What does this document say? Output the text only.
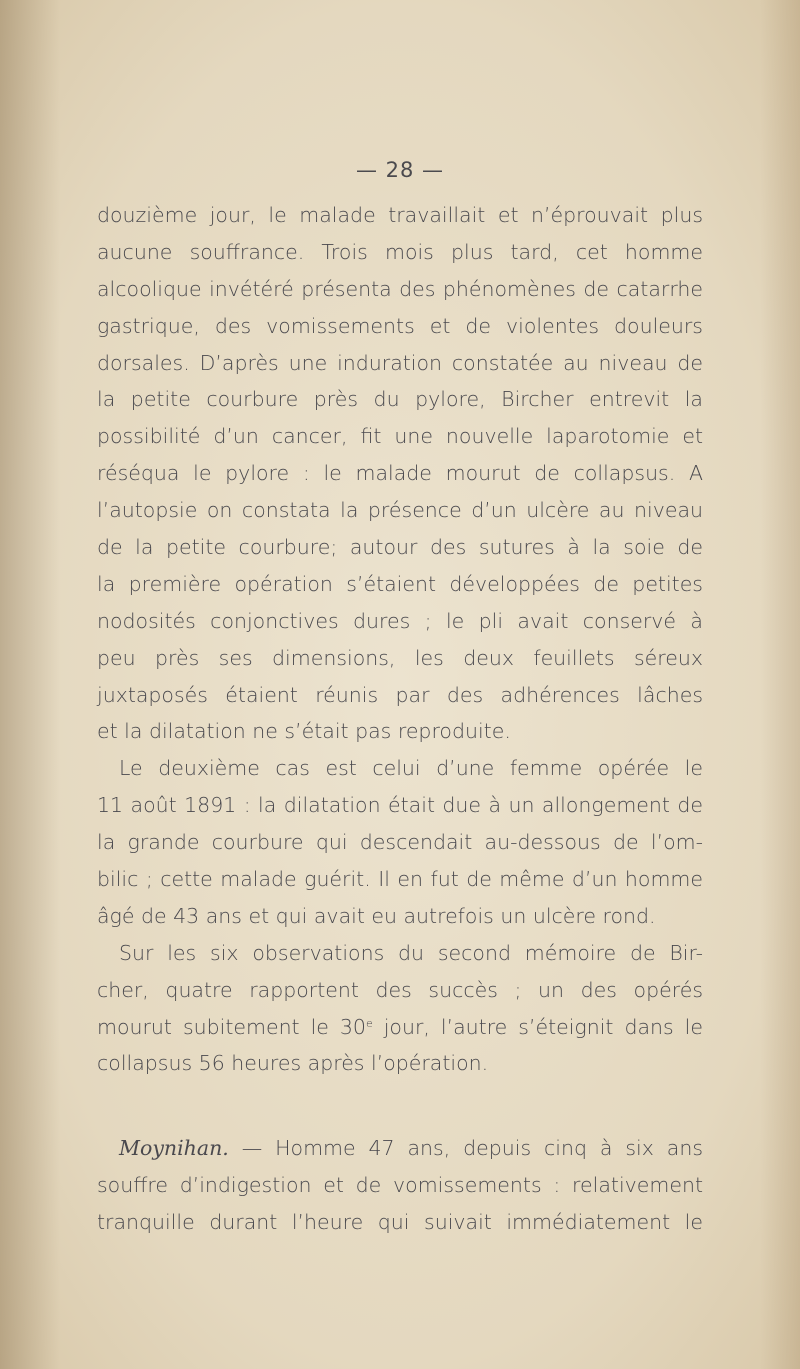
— 28 —
douzième jour, le malade travaillait et n’éprouvait plus
aucune souffrance. Trois mois plus tard, cet homme
alcoolique invétéré présenta des phénomènes de catarrhe
gastrique, des vomissements et de violentes douleurs
dorsales. D’après une induration constatée au niveau de
la petite courbure près du pylore, Bircher entrevit la
possibilité d’un cancer, fit une nouvelle laparotomie et
réséqua le pylore : le malade mourut de collapsus. A
l’autopsie on constata la présence d’un ulcère au niveau
de la petite courbure; autour des sutures à la soie de
la première opération s’étaient développées de petites
nodosités conjonctives dures ; le pli avait conservé à
peu près ses dimensions, les deux feuillets séreux
juxtaposés étaient réunis par des adhérences lâches
et la dilatation ne s’était pas reproduite.
Le deuxième cas est celui d’une femme opérée le
11 août 1891 : la dilatation était due à un allongement de
la grande courbure qui descendait au-dessous de l’om-
bilic ; cette malade guérit. Il en fut de même d’un homme
âgé de 43 ans et qui avait eu autrefois un ulcère rond.
Sur les six observations du second mémoire de Bir-
cher, quatre rapportent des succès ; un des opérés
mourut subitement le 30e jour, l’autre s’éteignit dans le
collapsus 56 heures après l’opération.
Moynihan. — Homme 47 ans, depuis cinq à six ans
souffre d’indigestion et de vomissements : relativement
tranquille durant l’heure qui suivait immédiatement le
